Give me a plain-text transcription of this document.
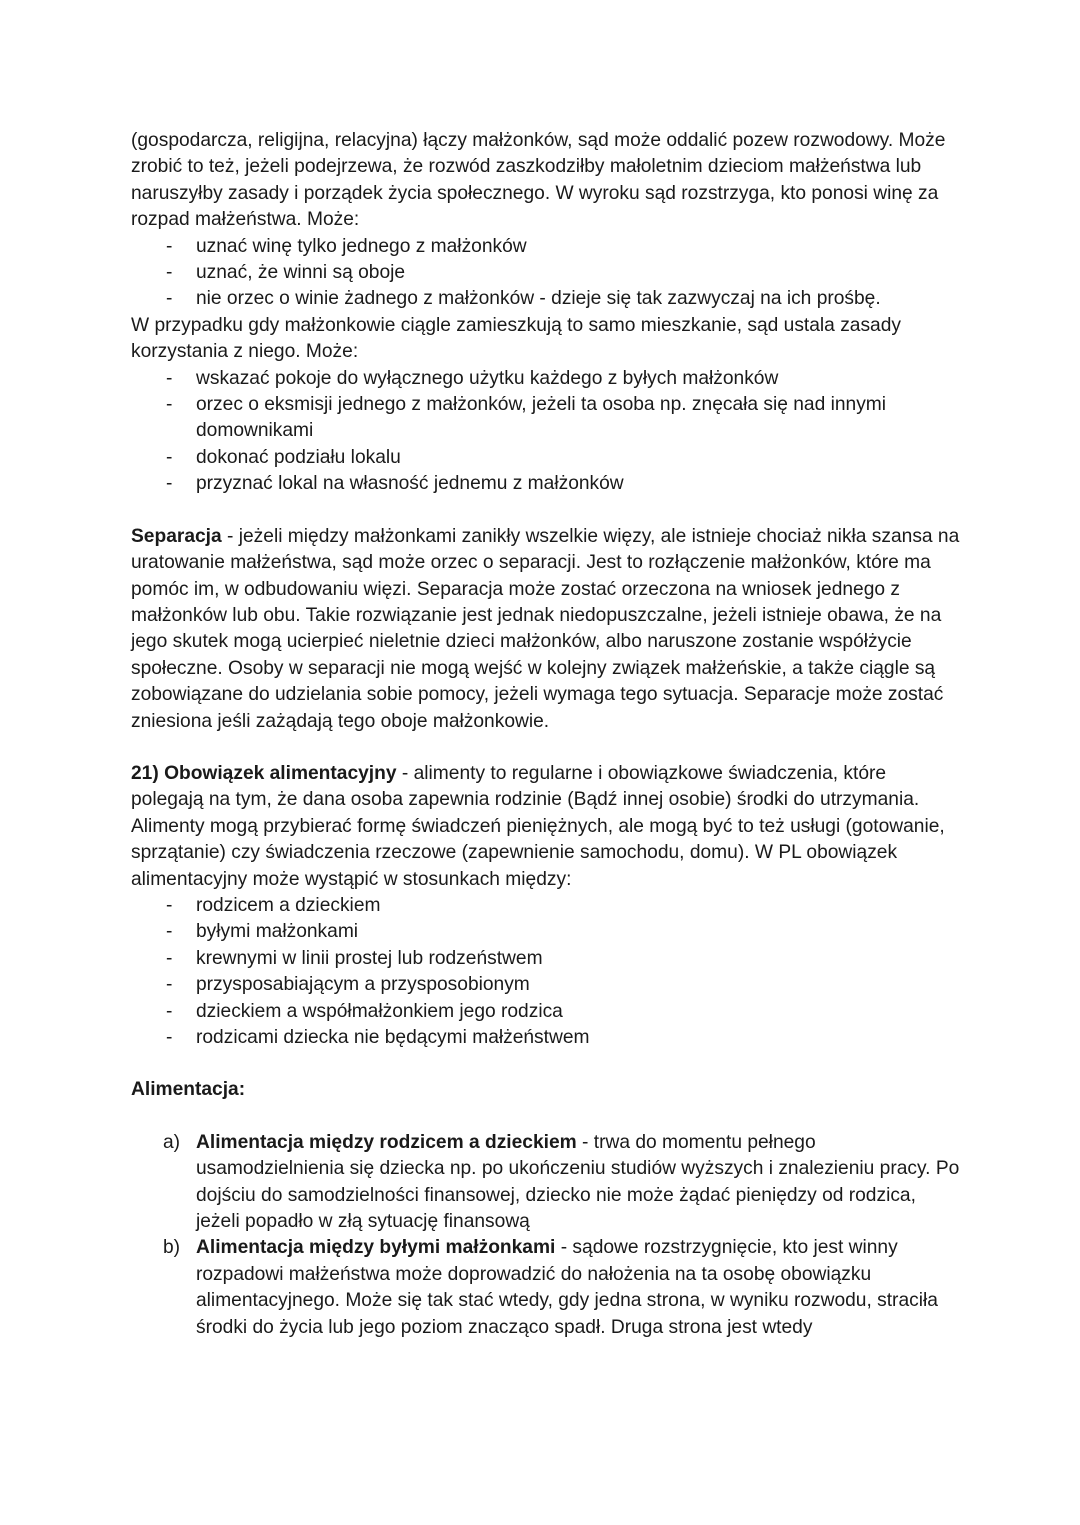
(gospodarcza, religijna, relacyjna) łączy małżonków, sąd może oddalić pozew rozwodowy. Może zrobić to też, jeżeli podejrzewa, że rozwód zaszkodziłby małoletnim dzieciom małżeństwa lub naruszyłby zasady i porządek życia społecznego. W wyroku sąd rozstrzyga, kto ponosi winę za rozpad małżeństwa. Może:

- uznać winę tylko jednego z małżonków
- uznać, że winni są oboje
- nie orzec o winie żadnego z małżonków - dzieje się tak zazwyczaj na ich prośbę.

W przypadku gdy małżonkowie ciągle zamieszkują to samo mieszkanie, sąd ustala zasady korzystania z niego. Może:

- wskazać pokoje do wyłącznego użytku każdego z byłych małżonków
- orzec o eksmisji jednego z małżonków, jeżeli ta osoba np. znęcała się nad innymi domownikami
- dokonać podziału lokalu
- przyznać lokal na własność jednemu z małżonków

Separacja - jeżeli między małżonkami zanikły wszelkie więzy, ale istnieje chociaż nikła szansa na uratowanie małżeństwa, sąd może orzec o separacji. Jest to rozłączenie małżonków, które ma pomóc im, w odbudowaniu więzi. Separacja może zostać orzeczona na wniosek jednego z małżonków lub obu. Takie rozwiązanie jest jednak niedopuszczalne, jeżeli istnieje obawa, że na jego skutek mogą ucierpieć nieletnie dzieci małżonków, albo naruszone zostanie współżycie społeczne. Osoby w separacji nie mogą wejść w kolejny związek małżeńskie, a także ciągle są zobowiązane do udzielania sobie pomocy, jeżeli wymaga tego sytuacja. Separacje może zostać zniesiona jeśli zażądają tego oboje małżonkowie.

21) Obowiązek alimentacyjny - alimenty to regularne i obowiązkowe świadczenia, które polegają na tym, że dana osoba zapewnia rodzinie (Bądź innej osobie) środki do utrzymania. Alimenty mogą przybierać formę świadczeń pieniężnych, ale mogą być to też usługi (gotowanie, sprzątanie) czy świadczenia rzeczowe (zapewnienie samochodu, domu). W PL obowiązek alimentacyjny może wystąpić w stosunkach między:

- rodzicem a dzieckiem
- byłymi małżonkami
- krewnymi w linii prostej lub rodzeństwem
- przysposabiającym a przysposobionym
- dzieckiem a współmałżonkiem jego rodzica
- rodzicami dziecka nie będącymi małżeństwem

Alimentacja:

a) Alimentacja między rodzicem a dzieckiem - trwa do momentu pełnego usamodzielnienia się dziecka np. po ukończeniu studiów wyższych i znalezieniu pracy. Po dojściu do samodzielności finansowej, dziecko nie może żądać pieniędzy od rodzica, jeżeli popadło w złą sytuację finansową
b) Alimentacja między byłymi małżonkami - sądowe rozstrzygnięcie, kto jest winny rozpadowi małżeństwa może doprowadzić do nałożenia na ta osobę obowiązku alimentacyjnego. Może się tak stać wtedy, gdy jedna strona, w wyniku rozwodu, straciła środki do życia lub jego poziom znacząco spadł. Druga strona jest wtedy
